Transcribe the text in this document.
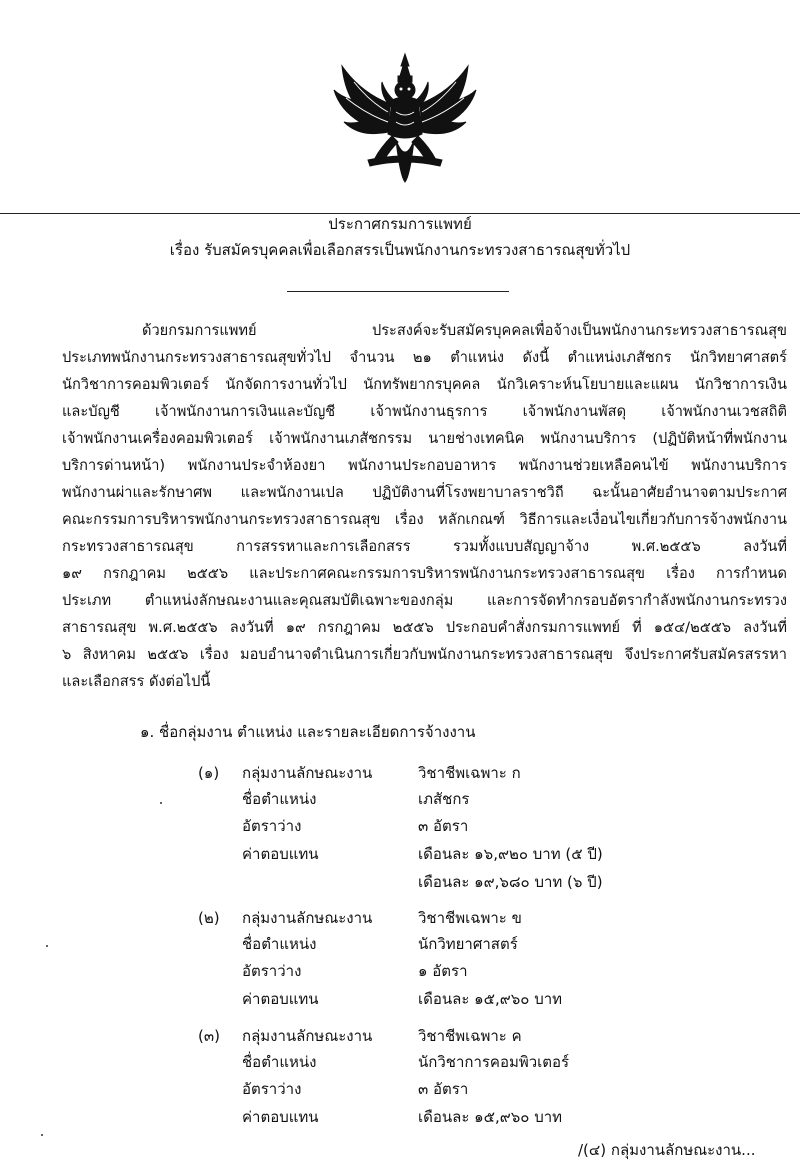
ประกาศกรมการแพทย์
เรื่อง รับสมัครบุคคลเพื่อเลือกสรรเป็นพนักงานกระทรวงสาธารณสุขทั่วไป
ด้วยกรมการแพทย์ ประสงค์จะรับสมัครบุคคลเพื่อจ้างเป็นพนักงานกระทรวงสาธารณสุข
ประเภทพนักงานกระทรวงสาธารณสุขทั่วไป จำนวน ๒๑ ตำแหน่ง ดังนี้ ตำแหน่งเภสัชกร นักวิทยาศาสตร์
นักวิชาการคอมพิวเตอร์ นักจัดการงานทั่วไป นักทรัพยากรบุคคล นักวิเคราะห์นโยบายและแผน นักวิชาการเงิน
และบัญชี เจ้าพนักงานการเงินและบัญชี เจ้าพนักงานธุรการ เจ้าพนักงานพัสดุ เจ้าพนักงานเวชสถิติ
เจ้าพนักงานเครื่องคอมพิวเตอร์ เจ้าพนักงานเภสัชกรรม นายช่างเทคนิค พนักงานบริการ (ปฏิบัติหน้าที่พนักงาน
บริการด่านหน้า) พนักงานประจำห้องยา พนักงานประกอบอาหาร พนักงานช่วยเหลือคนไข้ พนักงานบริการ
พนักงานผ่าและรักษาศพ และพนักงานเปล ปฏิบัติงานที่โรงพยาบาลราชวิถี ฉะนั้นอาศัยอำนาจตามประกาศ
คณะกรรมการบริหารพนักงานกระทรวงสาธารณสุข เรื่อง หลักเกณฑ์ วิธีการและเงื่อนไขเกี่ยวกับการจ้างพนักงาน
กระทรวงสาธารณสุข การสรรหาและการเลือกสรร รวมทั้งแบบสัญญาจ้าง พ.ศ.๒๕๕๖ ลงวันที่
๑๙ กรกฎาคม ๒๕๕๖ และประกาศคณะกรรมการบริหารพนักงานกระทรวงสาธารณสุข เรื่อง การกำหนด
ประเภท ตำแหน่งลักษณะงานและคุณสมบัติเฉพาะของกลุ่ม และการจัดทำกรอบอัตรากำลังพนักงานกระทรวง
สาธารณสุข พ.ศ.๒๕๕๖ ลงวันที่ ๑๙ กรกฎาคม ๒๕๕๖ ประกอบคำสั่งกรมการแพทย์ ที่ ๑๕๔/๒๕๕๖ ลงวันที่
๖ สิงหาคม ๒๕๕๖ เรื่อง มอบอำนาจดำเนินการเกี่ยวกับพนักงานกระทรวงสาธารณสุข จึงประกาศรับสมัครสรรหา
และเลือกสรร ดังต่อไปนี้
๑. ชื่อกลุ่มงาน ตำแหน่ง และรายละเอียดการจ้างงาน
(๑) กลุ่มงานลักษณะงาน	วิชาชีพเฉพาะ ก
ชื่อตำแหน่ง	เภสัชกร
อัตราว่าง	๓ อัตรา
ค่าตอบแทน	เดือนละ ๑๖,๙๒๐ บาท (๕ ปี)
เดือนละ ๑๙,๖๘๐ บาท (๖ ปี)
(๒) กลุ่มงานลักษณะงาน	วิชาชีพเฉพาะ ข
ชื่อตำแหน่ง	นักวิทยาศาสตร์
อัตราว่าง	๑ อัตรา
ค่าตอบแทน	เดือนละ ๑๕,๙๖๐ บาท
(๓) กลุ่มงานลักษณะงาน	วิชาชีพเฉพาะ ค
ชื่อตำแหน่ง	นักวิชาการคอมพิวเตอร์
อัตราว่าง	๓ อัตรา
ค่าตอบแทน	เดือนละ ๑๕,๙๖๐ บาท
/(๔) กลุ่มงานลักษณะงาน...
